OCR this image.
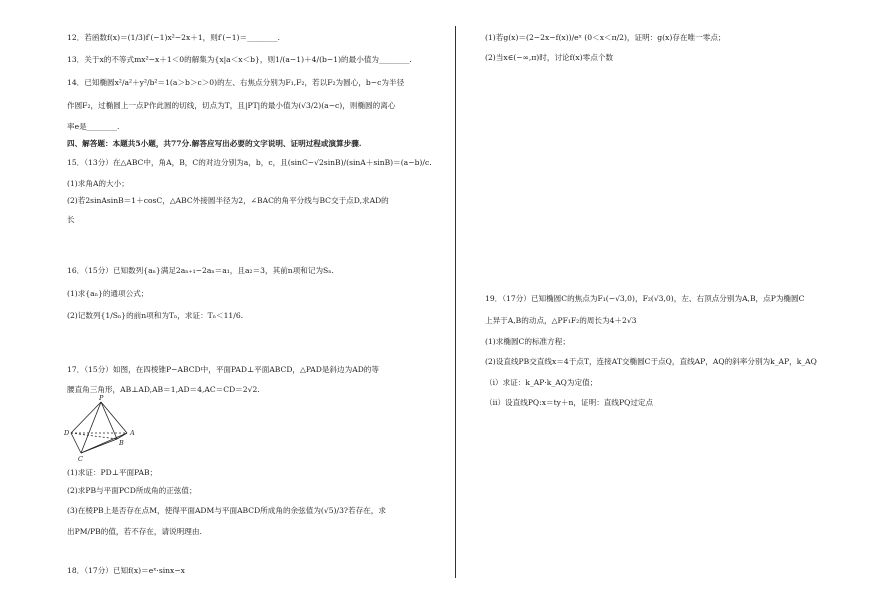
12．若函数f(x)＝(1/3)f′(−1)x²−2x＋1，则f′(−1)＝________.
13．关于x的不等式mx²−x＋1＜0的解集为{x|a＜x＜b}，则1/(a−1)＋4/(b−1)的最小值为________.
14．已知椭圆x²/a²＋y²/b²＝1(a＞b＞c＞0)的左、右焦点分别为F₁,F₂，若以F₂为圆心，b−c为半径
作圆F₂，过椭圆上一点P作此圆的切线，切点为T，且|PT|的最小值为(√3/2)(a−c)，则椭圆的离心
率e是________.
四、解答题：本题共5小题，共77分.解答应写出必要的文字说明、证明过程或演算步骤.
15．（13分）在△ABC中，角A，B，C的对边分别为a，b，c，且(sinC−√2sinB)/(sinA＋sinB)＝(a−b)/c.
(1)求角A的大小；
(2)若2sinAsinB＝1＋cosC，△ABC外接圆半径为2，∠BAC的角平分线与BC交于点D,求AD的
长
16．（15分）已知数列{aₙ}满足2aₙ₊₁−2aₙ＝a₁，且a₂＝3，其前n项和记为Sₙ.
(1)求{aₙ}的通项公式；
(2)记数列{1/Sₙ}的前n项和为Tₙ，求证：Tₙ＜11/6.
17．（15分）如图，在四棱锥P−ABCD中，平面PAD⊥平面ABCD，△PAD是斜边为AD的等
腰直角三角形，AB⊥AD,AB＝1,AD＝4,AC＝CD＝2√2.
P
D	A
B
C
(1)求证：PD⊥平面PAB；
(2)求PB与平面PCD所成角的正弦值；
(3)在棱PB上是否存在点M，使得平面ADM与平面ABCD所成角的余弦值为(√5)/3?若存在，求
出PM/PB的值，若不存在，请说明理由.
18．（17分）已知f(x)＝eˣ·sinx−x
(1)若g(x)＝(2−2x−f(x))/eˣ (0＜x＜π/2)，证明：g(x)存在唯一零点；
(2)当x∈(−∞,π)时，讨论f(x)零点个数
19．（17分）已知椭圆C的焦点为F₁(−√3,0)，F₂(√3,0)，左、右顶点分别为A,B，点P为椭圆C
上异于A,B的动点，△PF₁F₂的周长为4＋2√3
(1)求椭圆C的标准方程；
(2)设直线PB交直线x＝4于点T，连接AT交椭圆C于点Q，直线AP，AQ的斜率分别为k_AP，k_AQ
（i）求证：k_AP·k_AQ为定值；
（ii）设直线PQ:x＝ty＋n，证明：直线PQ过定点
